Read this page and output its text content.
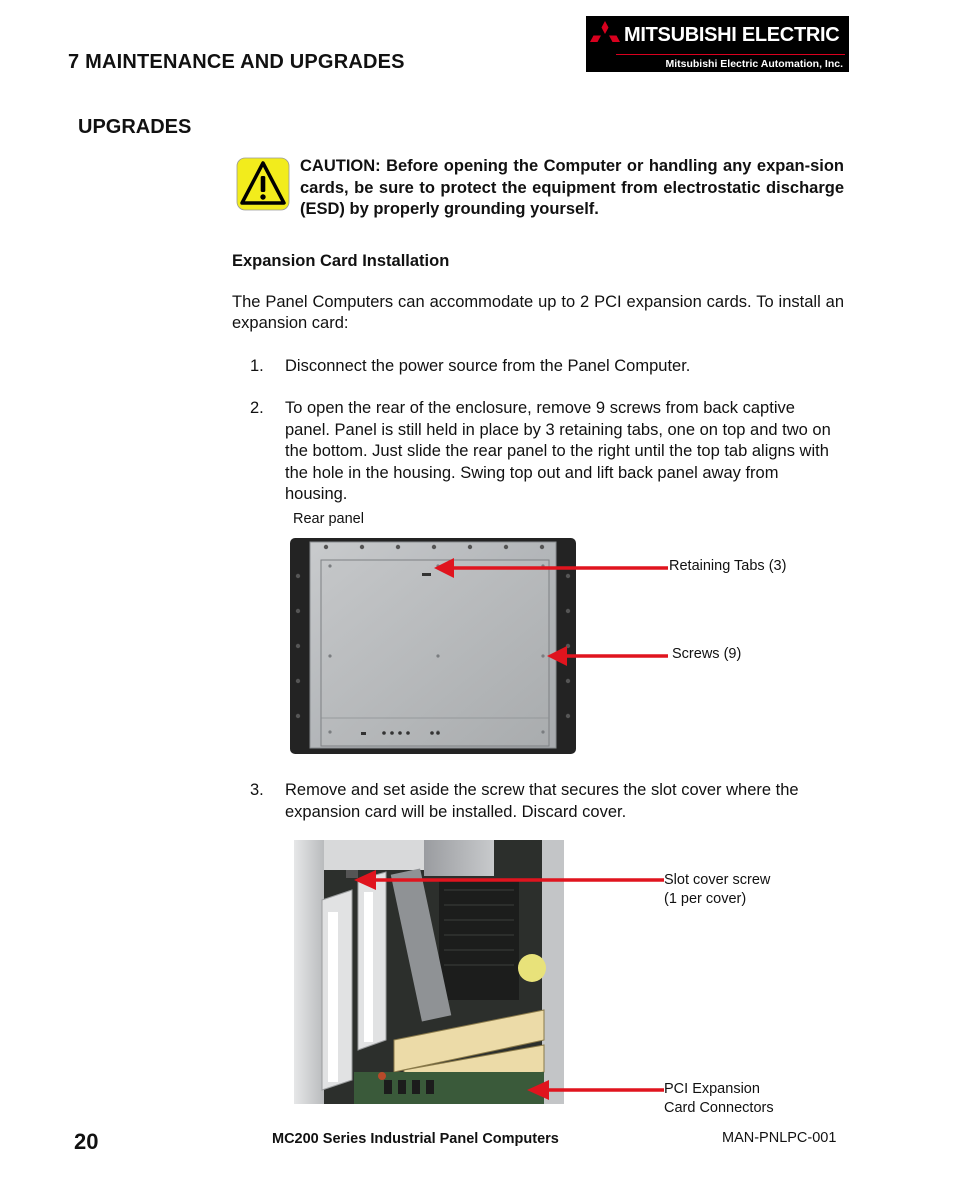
7 MAINTENANCE AND UPGRADES
MITSUBISHI ELECTRIC
Mitsubishi Electric Automation, Inc.
UPGRADES
CAUTION: Before opening the Computer or handling any expan-sion cards, be sure to protect the equipment from electrostatic discharge (ESD) by properly grounding yourself.
Expansion Card Installation
The Panel Computers can accommodate up to 2 PCI expansion cards. To install an expansion card:
1. Disconnect the power source from the Panel Computer.
2. To open the rear of the enclosure, remove 9 screws from back captive panel. Panel is still held in place by 3 retaining tabs, one on top and two on the bottom. Just slide the rear panel to the right until the top tab aligns with the hole in the housing. Swing top out and lift back panel away from housing.
Rear panel
Retaining Tabs (3)
Screws (9)
3. Remove and set aside the screw that secures the slot cover where the expansion card will be installed. Discard cover.
Slot cover screw
(1 per cover)
PCI Expansion
Card Connectors
20	MC200 Series Industrial Panel Computers	MAN-PNLPC-001
